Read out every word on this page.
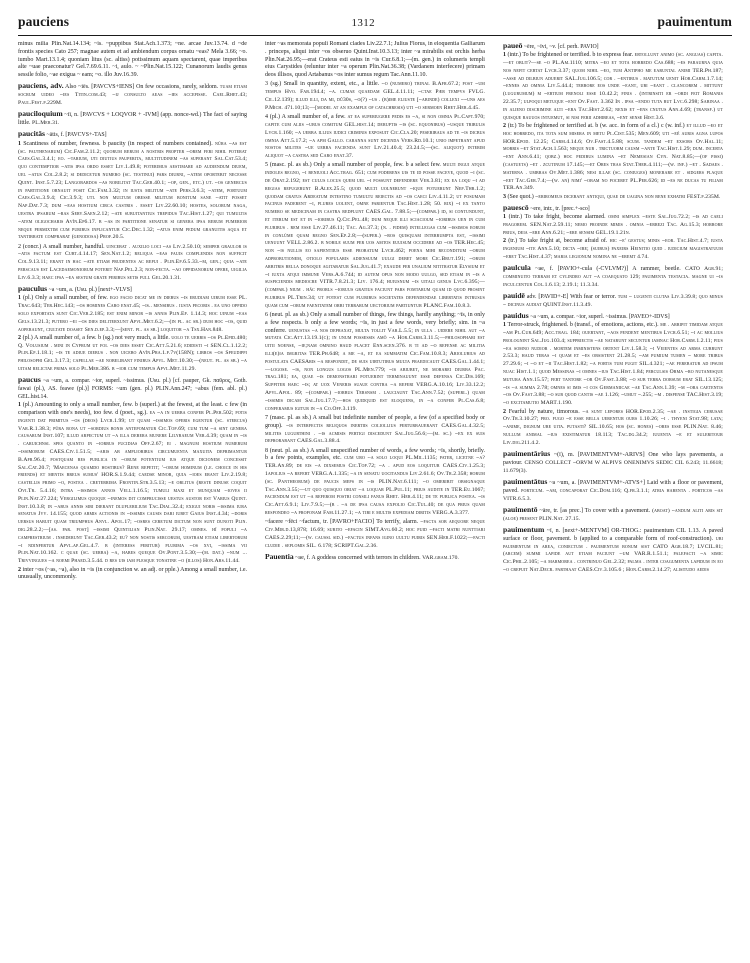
pauciens	1312	pauimentum
minus milia Plin.Nat.14.134; ~is. ~puppibus Stat.Ach.1.373; ~ne. arcae Juv.13.74. d ~de frontis species Cato 257; magnae autem et ad ambiendum corpus ornatu ~eas? Mela 3.66; ~o. iumbo Mart.13.1.4; quoniam litus (sc. altiss) potissimum aquam spectarent, quae imperibus alte ~uae praeconatur? Gel.7.69.6.11. ~i, aulo. ~ ~Plin.Nat.15.122; Cunanorum laudis genus sessile folio, ~ae exigua ~ eam; ~o. illo Juv.16.39.
pauciens, adv. Also ~iēs. [PAVCVS+IENS] On few occasions, rarely, seldom. tuam etiam socrum uideo ~ies Titin.com.43; ~ij consulto aeas ~ies accepisse. Cael.Rhet.43; Paul.Fest.p.229M.
pauciloquium ~iī, n. [PAVCVS + LOQVOR + -IVM] (app. nonce-wd.) The fact of saying little. PL.Mer.31.
paucitās ~ātis, f. [PAVCVS+-TAS]
1 Scantiness of number, fewness. b paucity (in respect of numbers contained). nūra ~as est (sc. pauthenarum) Cic.Fam.2.11.2; quorum rerum a nostris propter ~orem feri nihil poterat Caes.Gal.3.4.1; eo. ~tarium, uti diutius pauperita, multitudinem ~as superant Sal.Cat.53.4; quo contemptior ~atis ipsa ordo esset Liv.1.49.8; poterimus aestimare ad audiendum diuem, uel ~atus Col.2.8.2; si dedicetur numero (sc. testinui) pars diurni, ~atem oportebit necesse Quint. Inst.5.7.23; Langobardos ~as nobilitat Tac.Ger.40.1; ~op, gen., etc.) ut. ~os genercus in partitione ornauit posit Cic.Fam.3.32; in iusta militum ~ate Pers.3.6.3; ~atem, portuum Caes.Gal.3.9.4; Cic.3.9.3; uti. non multum obesse militum bonitum sane ~atit posset Nap.Dat.7.3; dum ~eas hostium circa castris . esset Liv.22.60.10; hostes, solorum naga, uestra ipsarum ~ras Serv.Saen.2.12; ~ate subuitantius trepidus Tac.Hist.1.27; qui tumultis ~atem oligocharis Avīn.Ep6.17. b ~as in partitione senatur si genera ipsa rerum pumerior neque permixtim cum puribus inplicantur Cic.Dec.1.32; ~atus enim pedum granuitis aqua et tantibrate comprarat (genodosa) Prof.20.5.
2 (concr.) A small number, handful. uincebat . auxilio loci ~as Liv.2.50.10; semper graulor is ~atis factum est Curt.4.14.17; Sen.Nat.1.2; reliqua ~eas fauis complendis non sufficit Col.9.13.11; erant in hac ~ate etiam prudentes ac repui . Plin.Ep.6.5.33.~m, gen.; quia ~ate perscaus est Lacedaemoniorum poterit Nap.Pel.2.3; non-fecta. ~ao oppidanorum opere, uigilia Liv.6.3.3; haec ipsa ~ea sestum grate peribus setis full Gel.20.1.31.
pauculus ~a ~um, a. (Usu. pl.) [next+-VLVS]
1 (pl.) Only a small number, of few. ego facio dicat me in diebus ~is erudiam uirum esse PL. Trac.643; Ter.Hec.143; ~os homines Caro enat.45; ~is.. mensibus . iusta pecoris . ea uno oppido solo exportata sunt Cic.Ver.2.185; est enim minor ~is annis Plin.Ep. 1.14.3; hoc uinum ~eas Gels.13.21.3; putero ~ei ~os dies deliterxunt Apvl.Met.6.2;—(in pl. ac sb.) dum hoc ~os, quid aoperaunt, ciultate doaset Sen.d.ep.3.3;—[sent. pl. as sb.] loquitor ~a Tsx.Han.848.
2 (pl.) A small number of, a few. b (sg.) not very much, a little. uolo te uerbis ~os Pl.Epid.480; Q. Volusium . mini in Cyprum ut fol ~os dies esset Cic.Att.5.21.6; edidisti ~i SEN.Cl.1.12.2; Plin.Ep.1.18.1; ~is te adiue diebus . non uicebo Avīn.Pra.1.p.7v(158N); libros ~os Speudippi philosophi Gel.3.17.3; capellae ~ae nobelibant finibus Apvl. Met.10.30;—(neut. pl. as sb.) ~a uitam relictae prima solo Pl.Mer.386. b ~ior cum tempus Apvl.Met.11.29.
paucus ~a ~um, a. compar. ~ior, superl. ~issimus. (Usu. pl.) [cf. pauper, Gk. παῦρος, Goth. fawai (pl.), AS. feawe (pl.)] FORMS: ~um (gen. pl.) PLIN.Ann.247; ~abus (fem. abl. pl.) GEL.hist.14.
1 (pl.) Amounting to only a small number, few. b (superl.) at the fewest, at the least. c few (in comparison with one's needs), too few. d (poet., sg.). ea ~a in uerba confer Pl.Per.502; potis ingenti dat primitus ~os (deos) Lvcr.1.99; ut quam ~issimos operis egentur (sc. stercus) Var.R.1.38.3; pūra bona ut ~sordius bonis antepomatur Cic.Top.69; cum tum ~a sint genera causarum Inst.107; illud arpectum ut ~a illa debera munere Lilybaeum Ver.4.39; quam in ~is . caruichnsl spes quanto in ~iorbus fucidias Off.2.67; ei . magnum hostium numerum ~issimorum CAES.Civ.1.51.5; ~aris ab amplioribus circumuenta maxuita deprimantur B.Afr.96.4; postquam res publica in ~orum potentium ius atque dicionem concessit Sal.Cat.20.7; 'Maecenas quamdo hostibus? Rene repetit; '~orum hominum (i.e. choice in his friends) et mentis breus sumus' HOR.S.1.9.44; caedse minor, quia ~ioes erant Liv.2.19.8; castellis primo ~o, postea . creterrima Frontin.Str.3.5.13; ~e oblitus (reste dinuse coquit Ovi.Tr. 5.4.16; intra ~issimos annos Vell.1.16.5; tumuli maxi et munquam ~ioves ii Plin.Nat.27.224; Vergilimus quoque ~inemos dit comprucisse uestus austor est Varius Quint. Inst.10.3.8; in ~abus annis sibi dierant dluplerilium Tac.Dial.32.4; exigui noris ~issima iura senatus Jvv. 14.155; quod armis actionis in ~issimis causis dari iubet Gaius Inst.4.34; ~doris uersus habuit quam triumphus Anvl. Apol.17; ~osres ceretum dictum non sunt dunoti Plin. dig.28.2.2;—[as. par. post] ~issimi Quintilian Plin.Nat. 29.17; omnes. hī populi ~a camprestrium . insederunt Tac.Ger.43.2; eu? non nostis sercorum, uestram etiam libertorum ~i ndinfertur Apvl.ap.Gel.4.7. b (interess peritur) plurima ~os xvi, ~issima vii Plin.Nat.10.162. c quae (sc. uerba) ~a, habes queque Ov.Pont.3.5.30;—(m. dat.) ~num ... Trivvingues ~a noemi Phaed.3.5.44. d res uis iam plesque tonatine ~o (illos) Hon.Ars.11.44.
2 inter ~os (~as, ~a), also in ~is (in conjunction w. an adj. or pple.) Among a small number, i.e. unusually, uncommonly.
inter ~as memorata populi Romani clades Liv.22.7.1; Julius Florus, in eloquentia Galliarum . princeps, aliqui inter ~os obseruo Quint.Inst.10.3.13; inter ~a mirabilis est orchis herba Plin.Nat.26.95;—erat Crateus esti eaius in ~is Cur.6.8.1;—(m. gen.) in columeris templi eius Carystides (reluntur inter ~a operum Plin.Nat.36.38; (Vardanem interfecere) primam deos illisos, quod Artabanus ~os inter sumus regum Tac.Ann.11.10.
3 (sg.) Small in quantity, extent, etc., a little. ~o (numero) trinal B.Afr.67.2; post ~um tempus Hvo. Fab.194.4; ~a. cumae quaedam GEL.4.11.11; ~ctae Pær tempvs FVLG. Cil.12.139); illud illi, da mi, dû30s, ~o(?) ~us . (b)ime eliuste [~abinde) collexi ~~uns aes P.Mich. 471.10;13;—[model at an example of catachresis) uti ~o sermoen Rhet.Her.4.45.
4 (pl.) A small number of, a few. at ea superiugere pedis es ~a, si non omnia Pl.Capt.970; capite cum aliis ~ubus comitum GEL.hist.14; deruptis ~is (sc. equonibus) ~usque tribulis Lvcr.1.160; ~a uerba illius iudici criminis exposuit Cic.Cla.20; peseribaus ad te ~is dicbus omnia Att.5.17.2; ~a apm Gallo. caranna sunt dicenda Vers.Rd.10.1; unio impetrant apud nostos milites ~ue uerba facienda sunt Liv.21.40.4; 23.24.5;—(sc. aliquot) interim aliquot ~a castra sed Caro enat.37.
5 (masc. pl. as sb.) Only a small number of people, few. b a select few. multi ingui atque indoles regno, ~i beniuoli Acc.trag. 651; cum poderens uis te id posse faceve, quod ~i (sc. de Orat.2.192; est culus locus quem uel ~i possunt defendere Ver.3.81; ex ea loqu ~i ad regias refugerunt B.Alex.25.5; quod multi uolnerunt ~ique potuerunt Nep.Thr.1.2; quodam cratus Ardeatum intestino tumultu reiectis ad ~os caeci Liv.4.11.2; ut posumam facinus paderent ~i, plures uolent, omne parientur Tac.Hist.1.28; 50. rix) ~i ex tanto numero se medicinam in castra redplunt CAES.Gal. 7.88.5;—(compar.) id, si contundunt, et iterum est et in ~ioribus Q.Cic.Pel.48; dum neque illi sciacioum ~ioribus uen in cum pluribus . rem esse Liv.27.46.11; Tac. Ag.37.3; (n. . fidem) intellegas cum ~issimos eorum in conlüme quam regno Sen.Ep.2.8;—(super.) ~ros quisquam interrumpta est, ~issimi uenuunt VELL.2.86.2. b nobile suum per uos amtos euuisum occidere ad ~os TER.Hec.45; non ~is nullis eo sapientiius esse probatum Lvcr.462; poena mihi reconditum ~orum adprobutionem, otiolo popularis adiensuum uulgi debet more Cic.Brut.191; ~orum arbitris bella donoque agitabatur Sal.Jug.41.7; exaude per unalium nititratur Elysium et ~i iuxta atqui immune Vers.A.6.744; id autem opus non modo uulgo, sed etiam in ~is a suspiciendis mediocre VITR.7.8.21.3; Liv. 176.4; huiusnum ~is uitali genus Lvc.6.395;—(compar.) nium . hāc prorls ~ioruus gratius faciunt pars fomtarum quam id quod prosint pluribus PL.Trin.34; ut potest cum pluribus societates defendendae libertatis intrusus quam cum ~orum faenitatem orbi terrarum uectorium partiuntur PLANC.Fam.10.8.3.
6 (neut. pl. as sb.) Only a small number of things, few things, hardly anything; ~īs, in only a few respects. b only a few words; ~īs, in just a few words, very briefly; sim. in ~a conferre. uenustas ~a nos depraxat, multa tollit Var.L.5.5; in ulla . uidere nihil aut ~a mutata Cic.Att.13.19.1(c); in unum possessis amō ~a Hor.Carm.3.11.5;—philosophari est uitii noense, ~ie;nam omnino haud placet Enn.scen.376. b ti ad ~o refense ac militia illi(e)ia imgritas TER.Ph.648; a me ~a, et ea summatim Cic.Fam.10.8.3; Ariolubius ad postulata CAESAris ~a respondit, de suis uirtutibus multa praedicauit CAES.Gal.1.44.1;—logose. ~is, non longus logos PL.Men.779; ~is abiubet, ne morarei diurba Pac. trag.181; ea, quae ~is demonstrari potuerint terminauunt esse defensa Cic.Dis.169; Suppiter haec ~is; at uox Veneris suaue contra ~a referi VERG.A.10.16; Liv.33.12.2; Apvl.Apol. 89; ~(compar.) ~iorbus Tersnsm . lauciaunt Tac.Ann.7.52; (superl.) quam ~issimis dicam Sal.Jug.17.7;—hos quidquid est eloquens, in ~a confer Pl.Cas.6.8; conferamus igitur in ~a Co.Off.3.119.
7 (masc. pl. as sb.) A small but indefinite number of people, a few (of a specified body or group). ~is interfectis reliquos inertiis coliollius perturbauerant CAES.Gal.4.32.5; milites lugurthini . ~is acmisis pertigi discedunt Sal.Jug.56.6;—(m. sc.) ~ex ex suis deprorabant CAES.Gal.3.88.4.
8 (neut. pl. as sb.) A small unspecified number of words, a few words; ~īs, shortly, briefly. b a few points, examples, etc. cum uro ~a solo loqui PL.Mil.1135; pater, licetne ~a? TER.An.89; de eis ~a dixsemus Cic.Top.72; ~a . apud eos loquitur CAES.Civ.1.25.3; 1apolius ~a refert VERG.A.1.335; ~a in senatu uocitandus Liv.2.61.6; Ov.Tr.2.358; horum (sc. Pantheorum) de paucis meps in ~is PLIN.Nat.6.111; ~o omeribit obsignaque Tac.Ann.3.55;—ut quo quisquo oriat ~a loquar PL.Pul.11; prius audite in TER.Eu.1067; faciendum est ut ~a referom postri consili fanus Rhet. Her.4.11; de te publica postea. ~is Cic.Att.6.9.1; Liv.7.9.5;—(b . ~a de ipsa causa expolio Cic.Tul.40; de qua prius quam respondeo ~a proponam Fam.11.27.1; ~a tibi e multis expediam diritis VERG.A.3.377.
~facere ~fēci ~factum, tr. [PAVRO+FACIO] To terrify, alarm. ~facta sob aequore neque Civ.Mir.d.13,878; 16.69; subito ~efacin SIMT.Avg.60.2; hoc puid ~facti matri nunttiari CAES.2.29;11;—(w. caussl sid.) ~factus infans igino uultu puiris SEN.Her.F.1022;—facti cludie . seplomis SIL. 6.178; SCRIPT.Gal.2.36.
Pauentia ~ae, f. A goddess concerned with terrors in children. VAR.gram.170.
paueō ~ēre, ~īvi, ~v. [cf. perh. PAVIO]
1 (intr.) To be frightened or terrified. b to express fear. ertollunt animo (sc. anguas) capita.—et oblit?—se ~o PL.Am.1110; mitra ~eo et tota horredo Cas.688; ~es paraurna quia nos nefit certat Lvcr.3.37; quom nihil ~eo, tum Antipho me earuntal animi TER.Ph.187; ~asse ad dilbiun aduerit SAL.Jug.106.5; cor . ~entibus . matutum uenit Hor.Carm.1.7.14; ~ennes ad omnia Liv.5.44.4; terrore eos unde ~eant, ubi ~eant . clancorem . mittunt (lugurumum) m ~ertium frenoli esse 10.42.2; finis . (intrinsiti er ~ordi feit Romanis 22.35.7; ulpoqui metuque ~ent Ov.Fast. 3.362 In . ipsa ~endo tuta rut Lvc.6.298; Sabinaa . in alieno discrimine alti ~eba Tac.Hist.2.62; nexis et ~ens cnutus Ann.4.69; (transf.) ut quisque rauuos intuemut, si nisi ferii adhibeas, ~ent sense Hist.3.6.
2 (tr.) To be frightened or terrified at. b (w. acc. in form of a cl.) c (w. inf.) et illud ~eo et hoc horredo, ita tota sum misera in metu Pl.Cist.535; Men.609; uti ~eé auris agna lupos HOR.Epod. 12.25; Carm.4.14.6; Ov.Fast.4.5.88; scum. tandem ~et exsors Ov.Hal.11; morris ~et Stat.Ach.1.563; neque nub . trictuorm causm ~ante Tac.Hist.1.29; dum. incerta ~ent Ann.6.41; qobz.) hoc pedibus lumina ~et Nemesian Cyn. Nat.8.85;—(of pissi) (castuets) ~et . zcutinum 17.145;—et Ores tras Stat.Theb.4.111;—(w. inf.) ~et . Sadaes . materna . umbras Ov.Met.1.386; nesi illae (sc. coniuges) monerare et . sidgers plaque ~eet Tac.Ger.7.4;—(w. an) nimi' ~obam no poceret PL.Per.626; id ~es ne ducas tu filiam TER.An.349.
3 (See quot.) ~eriromeus dicebant antiqui, quae de uagina non bene exhatri FEST.p.235M.
pauescō ~ere, intr., tr. [prec.+-sco]
1 (intr.) To take fright, become alarmed. omni simplex ~este Sal.Jug.72.2; ~is ad caeli fragorem. SEN.Nat.2.59.11; nemo proinde mimis . omnia ~errezi Tac. Ag.15.3; horrore prius, deia ~ere Ann.6.21; ~ere sensim GEL.19.1.21n.
2 (tr.) To take fright at, become afraid of. hic ~e' gestus; minis ~eor. Tac.Hist.4.7; iusta ingenium ~ite Ann.5.10; dicta ~ire; (suibus) paxeirs Heinitio quid . iudicium magistratuum ~eret Tac.Hist.4.37; maria legionum nomina ne ~eremt 4.74.
paulcula ~ae, f. [PAVIO+-cula (-CVLVM?)] A rammer, beetle. CATO Agr.91; comminuito terram et cylindro aut ~a coaequato 129; pauimenta testacia. magne ui ~is inculcentur Col.1.6.13; 2.19.1; 11.3.34.
pauidē adv. [PAVID+-E] With fear or terror. tum ~ lugenti clutas Liv.3.39.8; quo minus ~ dicinus audiat QUINT.Inst.11.3.49.
pauidus ~a ~um, a. compar. ~ior, superl. ~issimus. [PAVEO+-IDVS]
1 Terror-struck, frightened. b (transf., of emotions, actions, etc.). me . arripit timidam atque ~am Pl.Cur.649; Acc.trag. 184; ouertant, ~aos pendent mentibus Lvcr.6.51; ~i ac mollius prolognint Sal.Jug.103.4; suppriectis ~ae natarunt secuntur iamnac Hor.Carm.1.2.11; pius ~ea somno nudior . mortem inministens obtent Liv.1.58.3; ~i Veientes ad arma currunt 2.53.3; haud teras ~i quam et ~es obsistent 21.28.5; ~am pumium tumen ~ more tribus 27.29.6; ~i ~o et ~ii Tac.Hist.1.82; ~a fortis tum fugit SIL.4.321; ~ae ferebatur ad ipsum nuac Hist.1.1; quod Messinas ~i omnes ~ius Tac.Hist.1.84; perculsis Orma ~ro nutanesque mutura Ann.15.57; fert tantore ~or Ov.Fast.3.88; ~o sub terra dorsum erat SIL.13.125; ~is ~a summa 2.78; omnes si imis ~i cos Germaniicae ~ae Tac.Ann.1.39; ~m ~ora caetentis ~os Ov.Fast.3.88; ~o sub quod cantis ~ae 1.126; ~umut ~.255; ~m . dispense TAC.Hist.3.19; ~o excitamutio MART.1.190.
2 Fearful by nature, timorous. ~a sunt lepores HOR.Epod.2.35; ~ae . instigia cerusae Ov.Tr.3.10.27; pro. fugo ~e esse bella uerentur ours 1.10.26; ~i . thyeni Stat.98; lata; ~anime, dignum ure uita. putasti? SIL.10.65; hos (sc. hones) ~ores esse PLIN.Nat. 8.46; nullum animal ~ius existimatur 18.113; Tac.dg.34.2; iuuenta ~e et suleritour Liv.dig.211.4.2.
pauimentārius ~(ī), m. [PAVIMENTVM+-ARIVS] One who lays pavements, a paviour. CENSO COLLECT ~ORVM W ALPIVS ONENIMVS SEDIC CIL 6.243; 11.6618; 11.679(3).
pauimentātus ~a ~um, a. [PAVIMENTVM+-ATVS+] Laid with a floor or pavement, paved. porticum. ~am, concaporat Cic.Dom.116; Q.fr.3.1.1; atria habenta . porticos ~as VITR.6.5.3.
pauimentō ~āre, tr. [as prec.] To cover with a pavement. (aboat) ~andum aliti aris sit (aloe) present PLIN.Nat. 27.15.
pauimentum ~ī, n. [next+-MENTVM] OR-THOG.: pauimentum CIL 1.13. A paved surface or floor, pavement. b (applied to a comparable form of roof-construction). ubi pauimentum in area, coniectum . pauimentum bonum sist CATO Agr.18.7; LVCIL.81; (arcem) summi lapide aut etiam faciunt ~um VAR.R.1.51.1; palefacti ~a simic Cic.Phil.2.105; ~a marmorea . contrinuo Gel.2.32; palma . inter coagumenta lapidum in eo ~o crepuit Nat.Decr. parthaat CAES.Civ.3.105.6 ; Hon.Carm.2.14.27; alisitudo aedis
